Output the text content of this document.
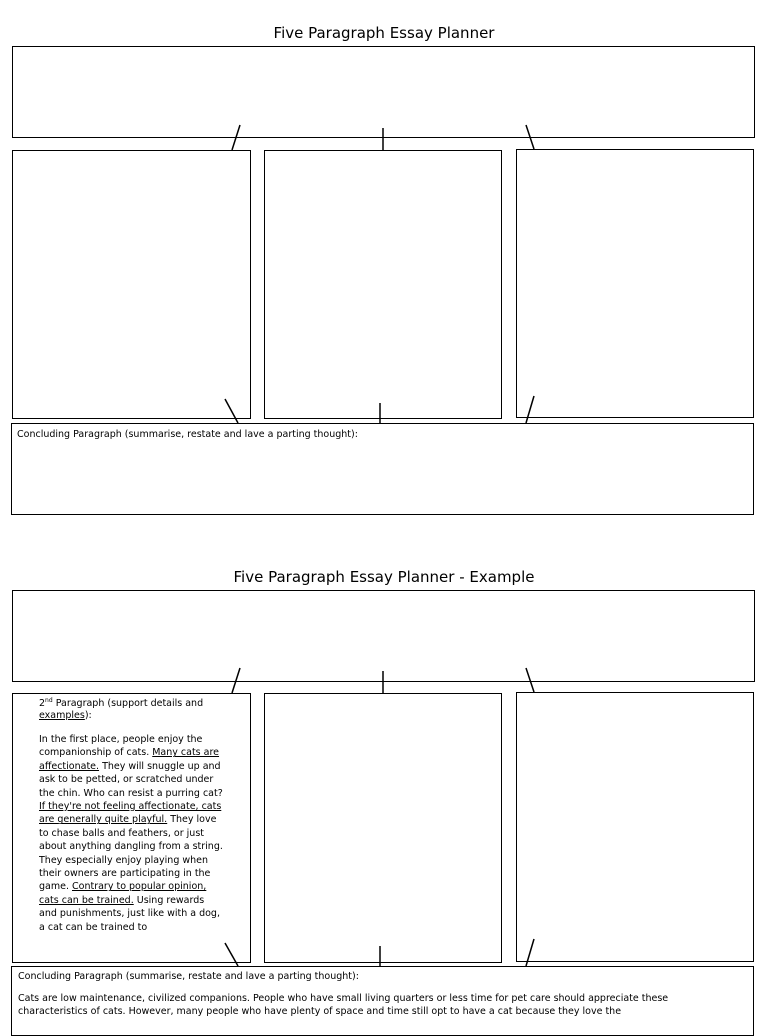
Five Paragraph Essay Planner
Concluding Paragraph (summarise, restate and lave a parting thought):
Five Paragraph Essay Planner - Example
2nd Paragraph (support details and examples):

In the first place, people enjoy the companionship of cats. Many cats are affectionate. They will snuggle up and ask to be petted, or scratched under the chin. Who can resist a purring cat? If they're not feeling affectionate, cats are generally quite playful. They love to chase balls and feathers, or just about anything dangling from a string. They especially enjoy playing when their owners are participating in the game. Contrary to popular opinion, cats can be trained. Using rewards and punishments, just like with a dog, a cat can be trained to

Concluding Paragraph (summarise, restate and lave a parting thought):
Cats are low maintenance, civilized companions. People who have small living quarters or less time for pet care should appreciate these characteristics of cats. However, many people who have plenty of space and time still opt to have a cat because they love the
